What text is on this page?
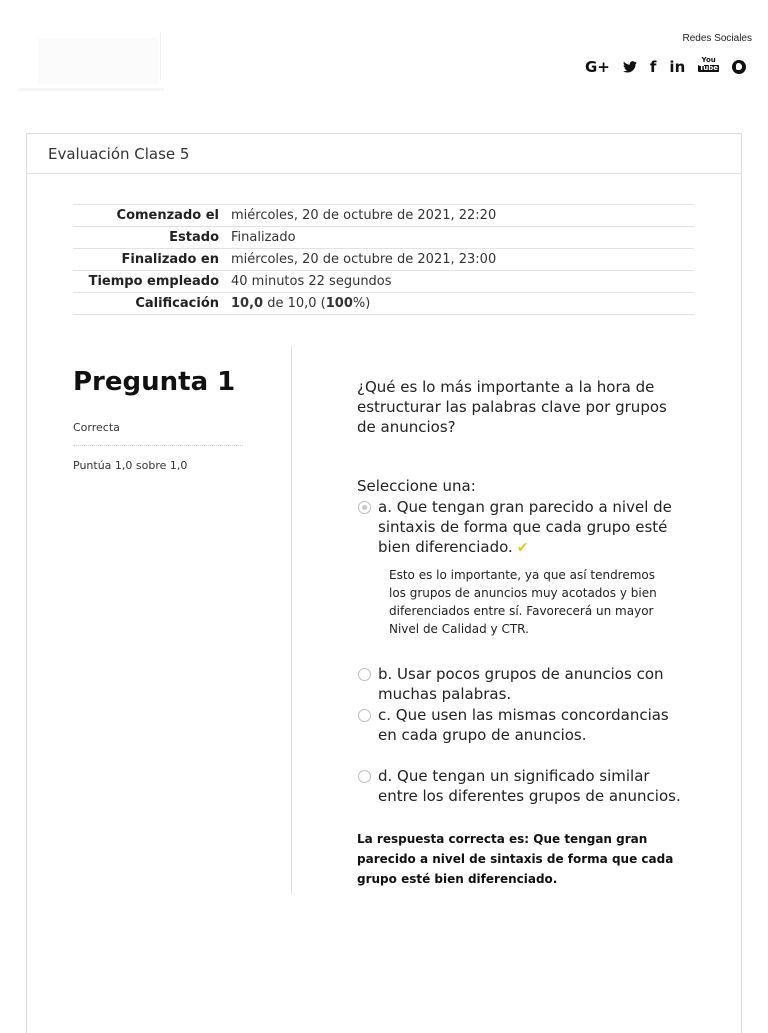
Redes Sociales
G+	f in You
Tube
Evaluación Clase 5
Comenzado el	miércoles, 20 de octubre de 2021, 22:20
Estado	Finalizado
Finalizado en	miércoles, 20 de octubre de 2021, 23:00
Tiempo empleado	40 minutos 22 segundos
Calificación	10,0 de 10,0 (100%)
Pregunta 1
Correcta
Puntúa 1,0 sobre 1,0
¿Qué es lo más importante a la hora de estructurar las palabras clave por grupos de anuncios?
Seleccione una:
a. Que tengan gran parecido a nivel de sintaxis de forma que cada grupo esté bien diferenciado. ✔
Esto es lo importante, ya que así tendremos los grupos de anuncios muy acotados y bien diferenciados entre sí. Favorecerá un mayor Nivel de Calidad y CTR.
b. Usar pocos grupos de anuncios con muchas palabras.
c. Que usen las mismas concordancias en cada grupo de anuncios.
d. Que tengan un significado similar entre los diferentes grupos de anuncios.
La respuesta correcta es: Que tengan gran parecido a nivel de sintaxis de forma que cada grupo esté bien diferenciado.
